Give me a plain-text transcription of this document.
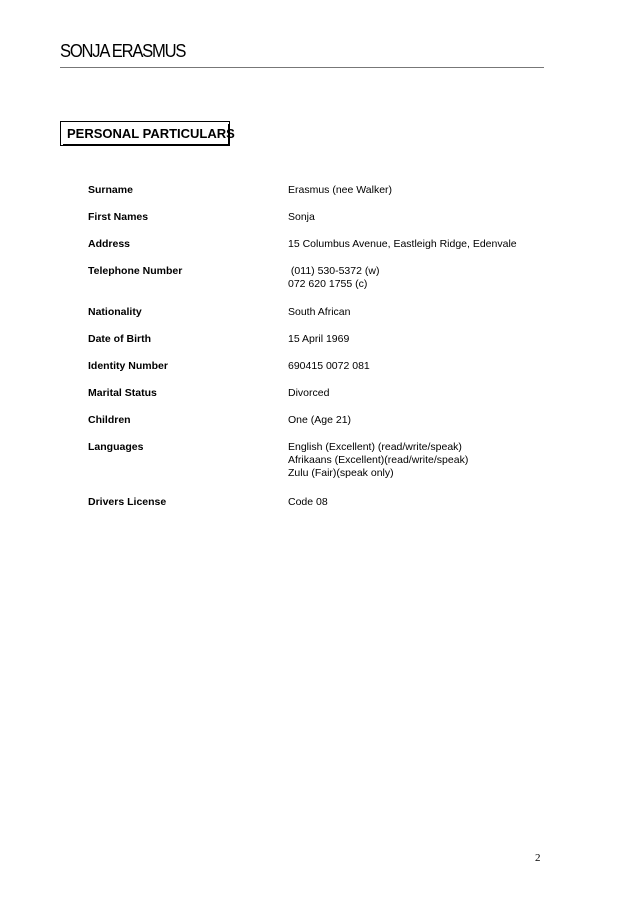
SONJA ERASMUS
PERSONAL PARTICULARS
Surname	Erasmus (nee Walker)
First Names	Sonja
Address	15 Columbus Avenue, Eastleigh Ridge, Edenvale
Telephone Number	(011) 530-5372 (w)
072 620 1755 (c)
Nationality	South African
Date of Birth	15 April 1969
Identity Number	690415 0072 081
Marital Status	Divorced
Children	One (Age 21)
Languages	English (Excellent) (read/write/speak)
Afrikaans (Excellent)(read/write/speak)
Zulu (Fair)(speak only)
Drivers License	Code 08
2
